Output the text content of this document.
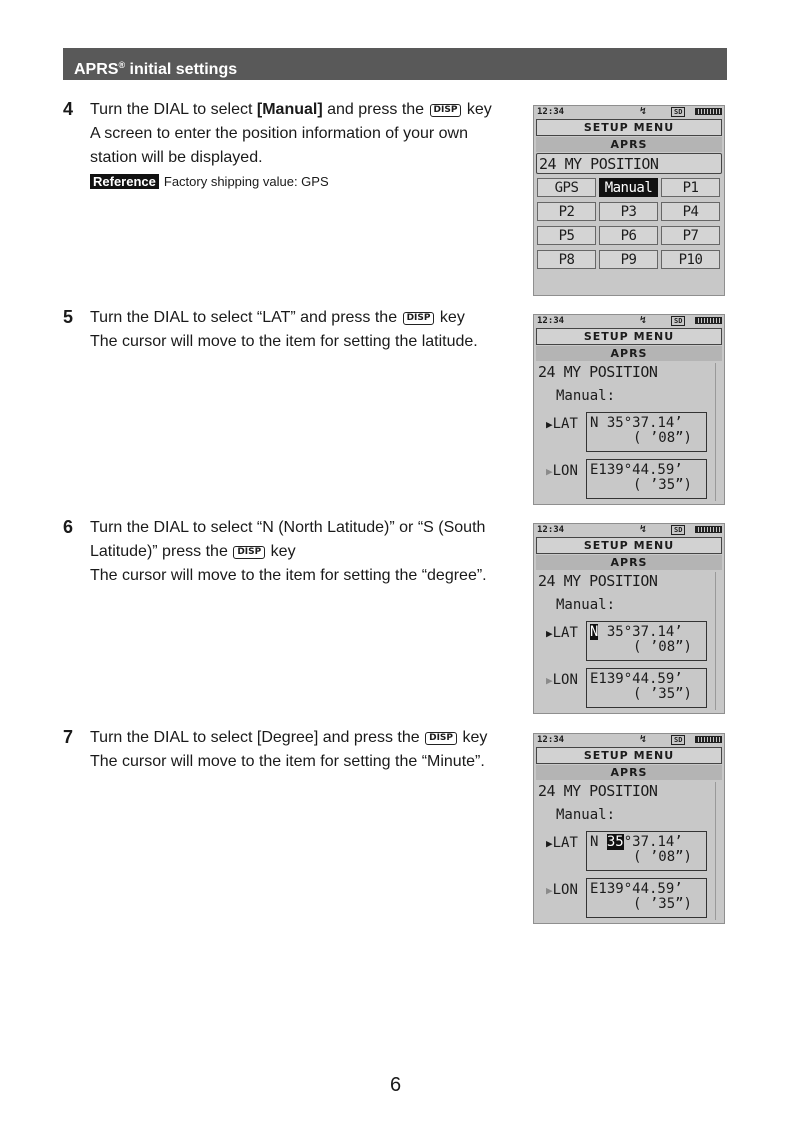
APRS® initial settings
4 Turn the DIAL to select [Manual] and press the DISP key
A screen to enter the position information of your own
station will be displayed.
Reference Factory shipping value: GPS
5 Turn the DIAL to select “LAT” and press the DISP key
The cursor will move to the item for setting the latitude.
6 Turn the DIAL to select “N (North Latitude)” or “S (South
Latitude)” press the DISP key
The cursor will move to the item for setting the “degree”.
7 Turn the DIAL to select [Degree] and press the DISP key
The cursor will move to the item for setting the “Minute”.
12:34	↯	SD
SETUP MENU
APRS
24 MY POSITION
GPS	Manual	P1
P2	P3	P4
P5	P6	P7
P8	P9	P10
12:34	↯	SD
SETUP MENU
APRS
24 MY POSITION
Manual:
▶LAT N 35°37.14’
( ’08”)
▶LON E139°44.59’
( ’35”)
12:34	↯	SD
SETUP MENU
APRS
24 MY POSITION
Manual:
▶LAT N 35°37.14’
( ’08”)
▶LON E139°44.59’
( ’35”)
12:34	↯	SD
SETUP MENU
APRS
24 MY POSITION
Manual:
▶LAT N 35°37.14’
( ’08”)
▶LON E139°44.59’
( ’35”)
6
